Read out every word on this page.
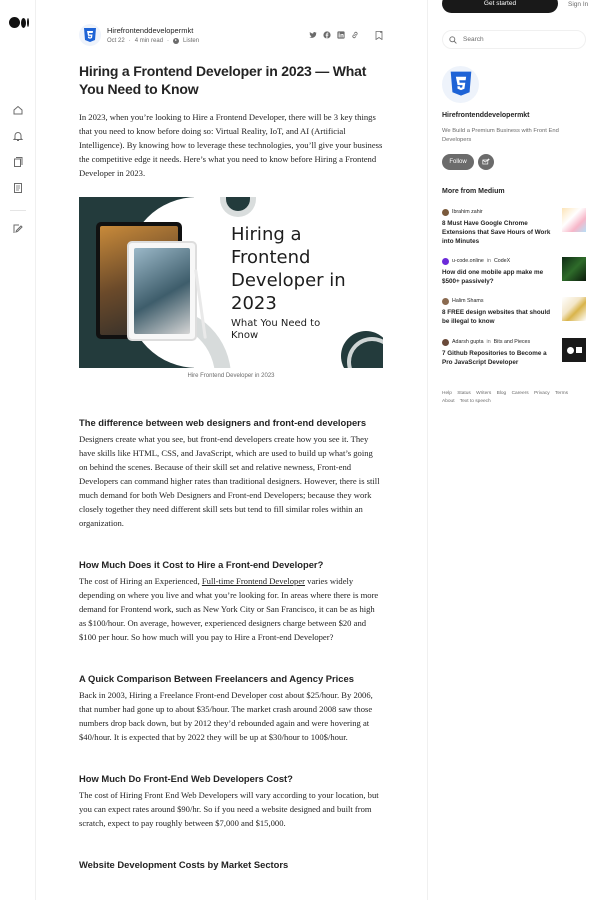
Hirefrontenddevelopermkt
Oct 22 · 4 min read · Listen
Hiring a Frontend Developer in 2023 — What You Need to Know

In 2023, when you’re looking to Hire a Frontend Developer, there will be 3 key things that you need to know before doing so: Virtual Reality, IoT, and AI (Artificial Intelligence). By knowing how to leverage these technologies, you’ll give your business the competitive edge it needs. Here’s what you need to know before Hiring a Frontend Developer in 2023.

Hiring a
Frontend
Developer in
2023
What You Need to
Know
Hire Frontend Developer in 2023
The difference between web designers and front-end developers

Designers create what you see, but front-end developers create how you see it. They have skills like HTML, CSS, and JavaScript, which are used to build up what’s going on behind the scenes. Because of their skill set and relative newness, Front-end Developers can command higher rates than traditional designers. However, there is still much demand for both Web Designers and Front-end Developers; because they work closely together they need different skill sets but tend to fill similar roles within an organization.

How Much Does it Cost to Hire a Front-end Developer?

The cost of Hiring an Experienced, Full-time Frontend Developer varies widely depending on where you live and what you’re looking for. In areas where there is more demand for Frontend work, such as New York City or San Francisco, it can be as high as $100/hour. On average, however, experienced designers charge between $20 and $100 per hour. So how much will you pay to Hire a Front-end Developer?

A Quick Comparison Between Freelancers and Agency Prices

Back in 2003, Hiring a Freelance Front-end Developer cost about $25/hour. By 2006, that number had gone up to about $35/hour. The market crash around 2008 saw those numbers drop back down, but by 2012 they’d rebounded again and were hovering at $40/hour. It is expected that by 2022 they will be up at $30/hour to 100$/hour.

How Much Do Front-End Web Developers Cost?

The cost of Hiring Front End Web Developers will vary according to your location, but you can expect rates around $90/hr. So if you need a website designed and built from scratch, expect to pay roughly between $7,000 and $15,000.

Website Development Costs by Market Sectors
Get started	Sign In
Search
Hirefrontenddevelopermkt
We Build a Premium Business with Front End Developers
Follow
More from Medium
Ibrahim zahir
8 Must Have Google Chrome Extensions that Save Hours of Work into Minutes
u-code.online in CodeX
How did one mobile app make me $500+ passively?
Halim Shams
8 FREE design websites that should be illegal to know
Adarsh gupta in Bits and Pieces
7 Github Repositories to Become a Pro JavaScript Developer
Help Status Writers Blog Careers Privacy Terms About Text to speech
